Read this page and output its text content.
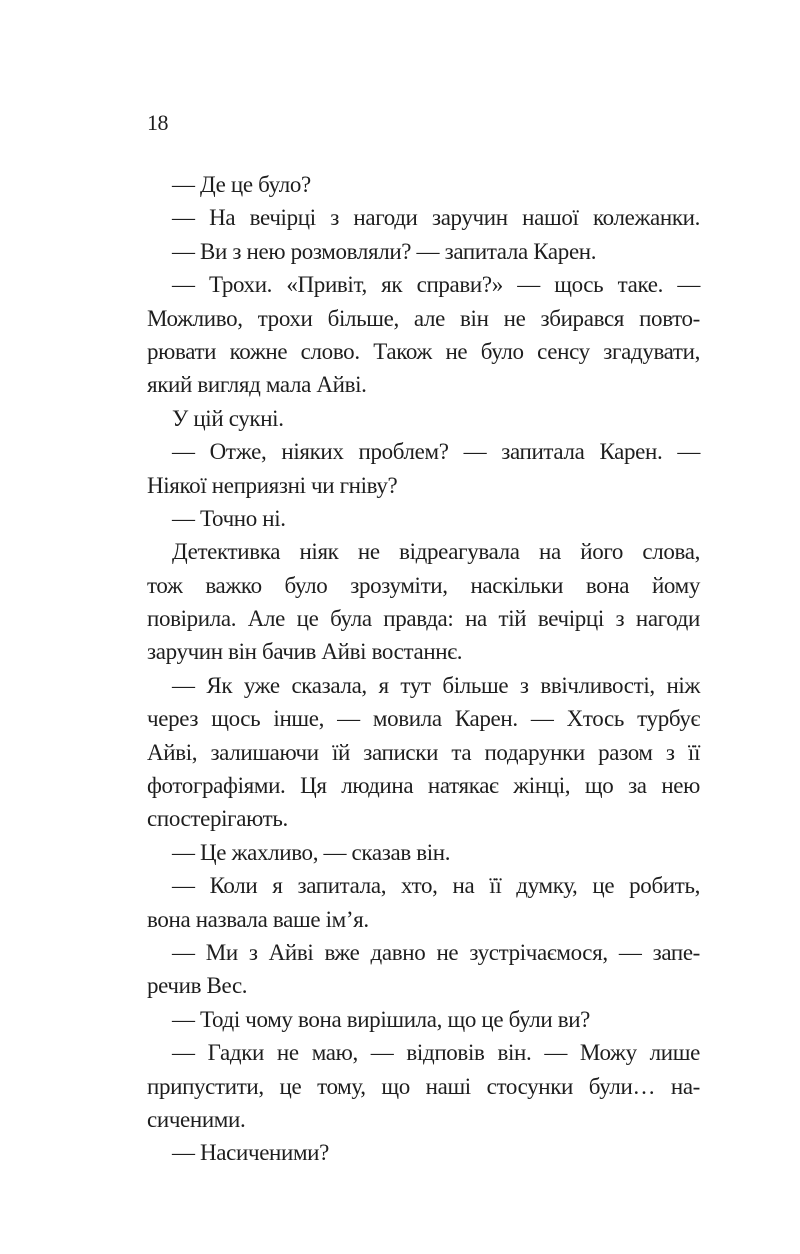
18
— Де це було?
— На вечірці з нагоди заручин нашої колежанки.
— Ви з нею розмовляли? — запитала Карен.
— Трохи. «Привіт, як справи?» — щось таке. —
Можливо, трохи більше, але він не збирався повто-
рювати кожне слово. Також не було сенсу згадувати,
який вигляд мала Айві.
У цій сукні.
— Отже, ніяких проблем? — запитала Карен. —
Ніякої неприязні чи гніву?
— Точно ні.
Детективка ніяк не відреагувала на його слова,
тож важко було зрозуміти, наскільки вона йому
повірила. Але це була правда: на тій вечірці з нагоди
заручин він бачив Айві востаннє.
— Як уже сказала, я тут більше з ввічливості, ніж
через щось інше, — мовила Карен. — Хтось турбує
Айві, залишаючи їй записки та подарунки разом з її
фотографіями. Ця людина натякає жінці, що за нею
спостерігають.
— Це жахливо, — сказав він.
— Коли я запитала, хто, на її думку, це робить,
вона назвала ваше ім’я.
— Ми з Айві вже давно не зустрічаємося, — запе-
речив Вес.
— Тоді чому вона вирішила, що це були ви?
— Гадки не маю, — відповів він. — Можу лише
припустити, це тому, що наші стосунки були… на-
сиченими.
— Насиченими?
